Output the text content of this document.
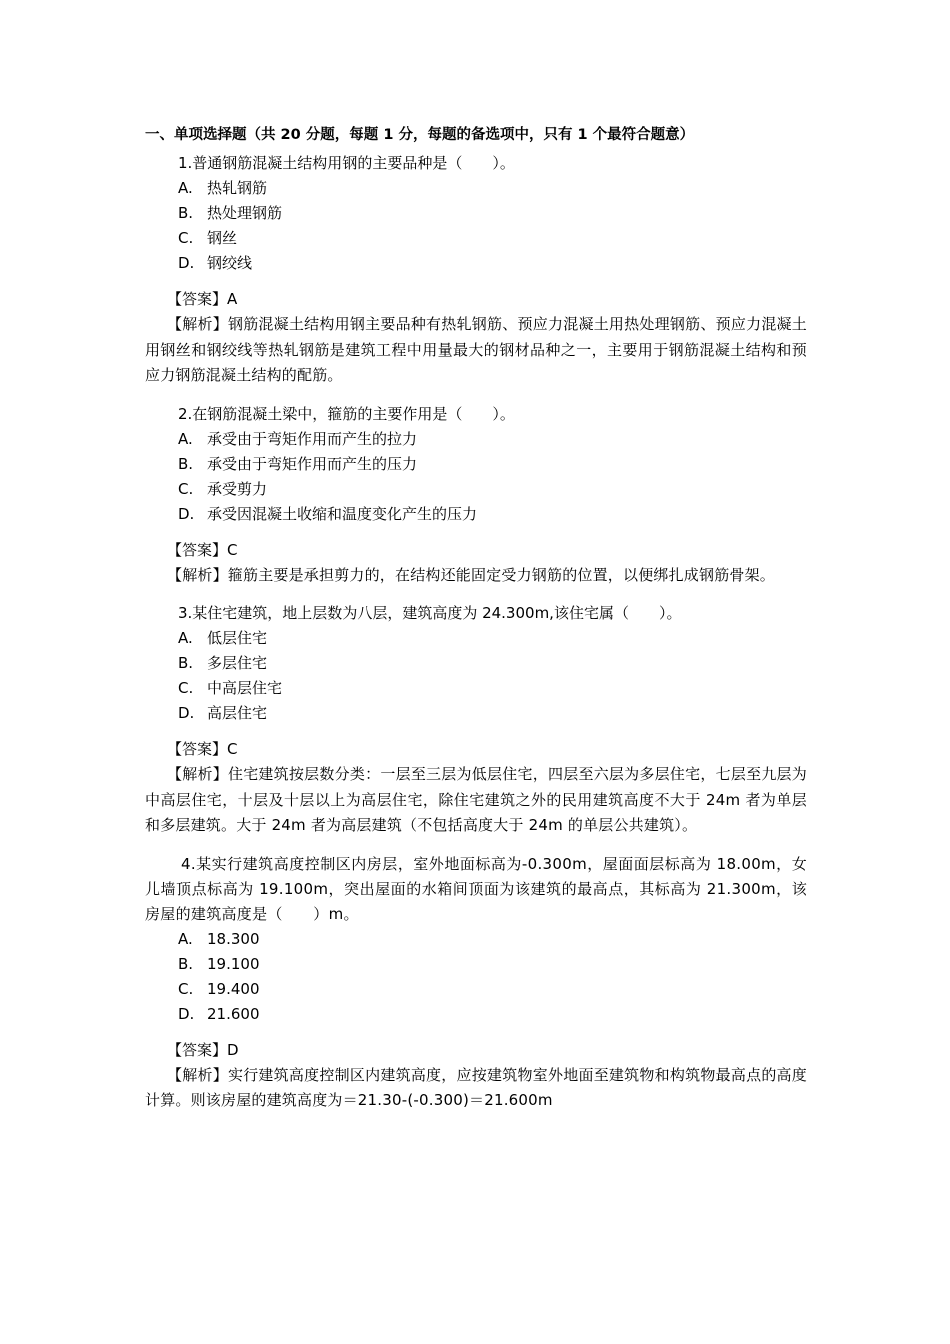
一、单项选择题（共 20 分题，每题 1 分，每题的备选项中，只有 1 个最符合题意）
1.普通钢筋混凝土结构用钢的主要品种是（　　）。
A. 热轧钢筋
B. 热处理钢筋
C. 钢丝
D. 钢绞线
【答案】A
【解析】钢筋混凝土结构用钢主要品种有热轧钢筋、预应力混凝土用热处理钢筋、预应力混凝土用钢丝和钢绞线等热轧钢筋是建筑工程中用量最大的钢材品种之一，主要用于钢筋混凝土结构和预应力钢筋混凝土结构的配筋。
2.在钢筋混凝土梁中，箍筋的主要作用是（　　）。
A. 承受由于弯矩作用而产生的拉力
B. 承受由于弯矩作用而产生的压力
C. 承受剪力
D. 承受因混凝土收缩和温度变化产生的压力
【答案】C
【解析】箍筋主要是承担剪力的，在结构还能固定受力钢筋的位置，以便绑扎成钢筋骨架。
3.某住宅建筑，地上层数为八层，建筑高度为 24.300m,该住宅属（　　）。
A. 低层住宅
B. 多层住宅
C. 中高层住宅
D. 高层住宅
【答案】C
【解析】住宅建筑按层数分类：一层至三层为低层住宅，四层至六层为多层住宅，七层至九层为中高层住宅，十层及十层以上为高层住宅，除住宅建筑之外的民用建筑高度不大于 24m 者为单层和多层建筑。大于 24m 者为高层建筑（不包括高度大于 24m 的单层公共建筑）。
4.某实行建筑高度控制区内房层，室外地面标高为-0.300m，屋面面层标高为 18.00m，女儿墙顶点标高为 19.100m，突出屋面的水箱间顶面为该建筑的最高点，其标高为 21.300m，该房屋的建筑高度是（　　）m。
A. 18.300
B. 19.100
C. 19.400
D. 21.600
【答案】D
【解析】实行建筑高度控制区内建筑高度，应按建筑物室外地面至建筑物和构筑物最高点的高度计算。则该房屋的建筑高度为＝21.30-(-0.300)＝21.600m
